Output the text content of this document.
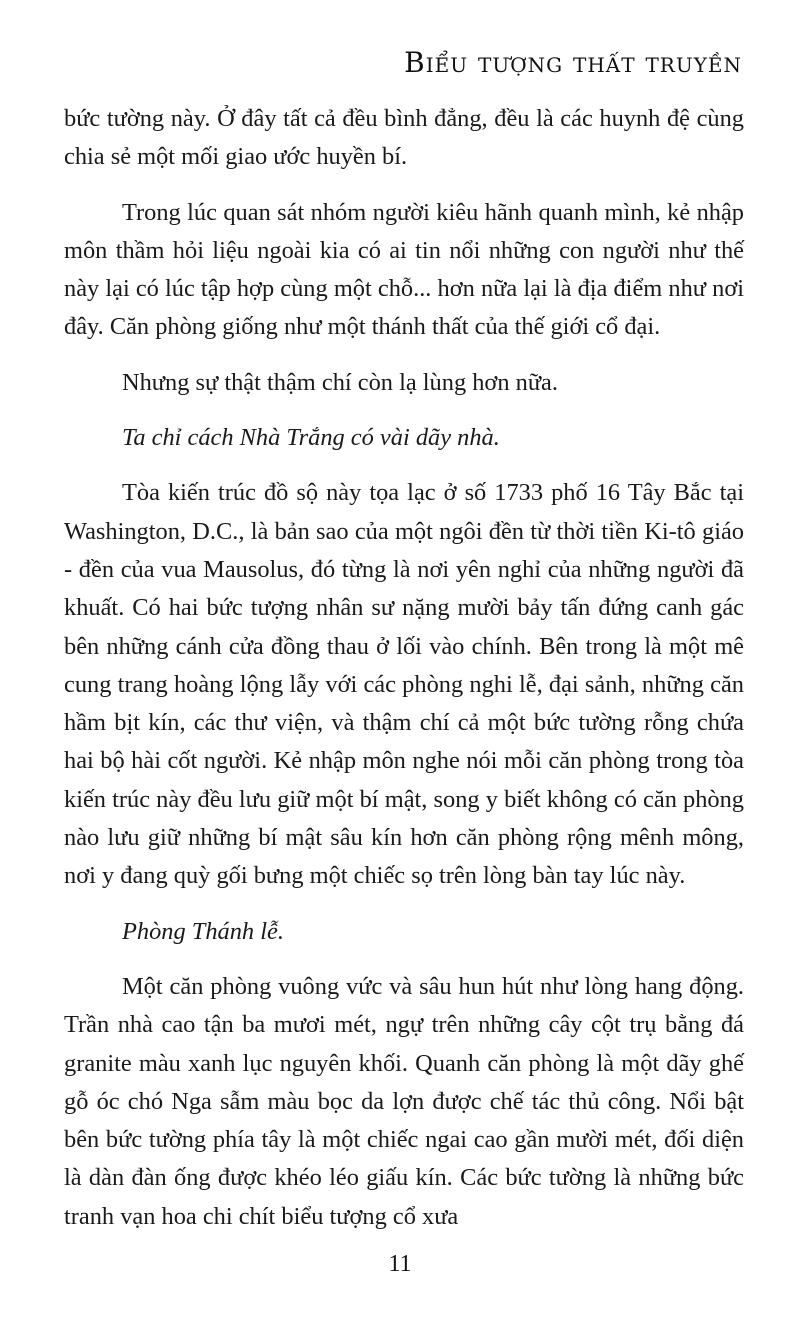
Biểu tượng thất truyền

bức tường này. Ở đây tất cả đều bình đẳng, đều là các huynh đệ cùng chia sẻ một mối giao ước huyền bí.

Trong lúc quan sát nhóm người kiêu hãnh quanh mình, kẻ nhập môn thầm hỏi liệu ngoài kia có ai tin nổi những con người như thế này lại có lúc tập hợp cùng một chỗ... hơn nữa lại là địa điểm như nơi đây. Căn phòng giống như một thánh thất của thế giới cổ đại.

Nhưng sự thật thậm chí còn lạ lùng hơn nữa.

Ta chỉ cách Nhà Trắng có vài dãy nhà.

Tòa kiến trúc đồ sộ này tọa lạc ở số 1733 phố 16 Tây Bắc tại Washington, D.C., là bản sao của một ngôi đền từ thời tiền Ki-tô giáo - đền của vua Mausolus, đó từng là nơi yên nghỉ của những người đã khuất. Có hai bức tượng nhân sư nặng mười bảy tấn đứng canh gác bên những cánh cửa đồng thau ở lối vào chính. Bên trong là một mê cung trang hoàng lộng lẫy với các phòng nghi lễ, đại sảnh, những căn hầm bịt kín, các thư viện, và thậm chí cả một bức tường rỗng chứa hai bộ hài cốt người. Kẻ nhập môn nghe nói mỗi căn phòng trong tòa kiến trúc này đều lưu giữ một bí mật, song y biết không có căn phòng nào lưu giữ những bí mật sâu kín hơn căn phòng rộng mênh mông, nơi y đang quỳ gối bưng một chiếc sọ trên lòng bàn tay lúc này.

Phòng Thánh lễ.

Một căn phòng vuông vức và sâu hun hút như lòng hang động. Trần nhà cao tận ba mươi mét, ngự trên những cây cột trụ bằng đá granite màu xanh lục nguyên khối. Quanh căn phòng là một dãy ghế gỗ óc chó Nga sẫm màu bọc da lợn được chế tác thủ công. Nổi bật bên bức tường phía tây là một chiếc ngai cao gần mười mét, đối diện là dàn đàn ống được khéo léo giấu kín. Các bức tường là những bức tranh vạn hoa chi chít biểu tượng cổ xưa

11
